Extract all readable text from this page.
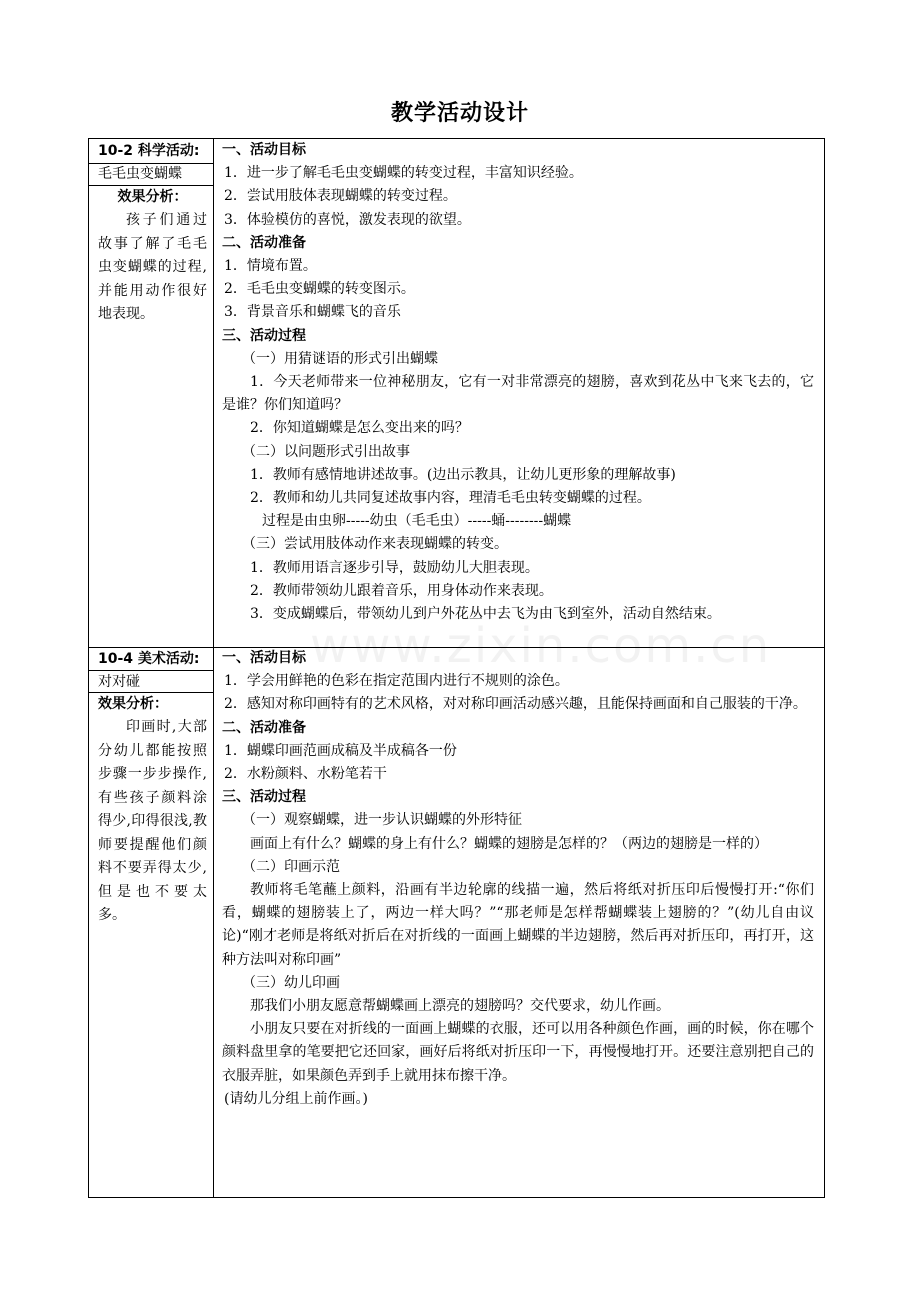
教学活动设计
10-2 科学活动:
毛毛虫变蝴蝶
效果分析：
孩子们通过故事了解了毛毛虫变蝴蝶的过程,并能用动作很好地表现。

一、活动目标

1．进一步了解毛毛虫变蝴蝶的转变过程，丰富知识经验。

2．尝试用肢体表现蝴蝶的转变过程。

3．体验模仿的喜悦，激发表现的欲望。

二、活动准备

1．情境布置。

2．毛毛虫变蝴蝶的转变图示。

3．背景音乐和蝴蝶飞的音乐

三、活动过程

（一）用猜谜语的形式引出蝴蝶

1．今天老师带来一位神秘朋友，它有一对非常漂亮的翅膀，喜欢到花丛中飞来飞去的，它是谁？你们知道吗？

2．你知道蝴蝶是怎么变出来的吗？

（二）以问题形式引出故事

1．教师有感情地讲述故事。(边出示教具，让幼儿更形象的理解故事)

2．教师和幼儿共同复述故事内容，理清毛毛虫转变蝴蝶的过程。

过程是由虫卵-----幼虫（毛毛虫）-----蛹--------蝴蝶

（三）尝试用肢体动作来表现蝴蝶的转变。

1．教师用语言逐步引导，鼓励幼儿大胆表现。

2．教师带领幼儿跟着音乐，用身体动作来表现。

3．变成蝴蝶后，带领幼儿到户外花丛中去飞为由飞到室外，活动自然结束。

10-4 美术活动:
对对碰
效果分析：
印画时,大部分幼儿都能按照步骤一步步操作,有些孩子颜料涂得少,印得很浅,教师要提醒他们颜料不要弄得太少,但是也不要太多。

一、活动目标

1．学会用鲜艳的色彩在指定范围内进行不规则的涂色。

2．感知对称印画特有的艺术风格，对对称印画活动感兴趣，且能保持画面和自己服装的干净。

二、活动准备

1．蝴蝶印画范画成稿及半成稿各一份

2．水粉颜料、水粉笔若干

三、活动过程

（一）观察蝴蝶，进一步认识蝴蝶的外形特征

画面上有什么？蝴蝶的身上有什么？蝴蝶的翅膀是怎样的？（两边的翅膀是一样的）

（二）印画示范

教师将毛笔蘸上颜料，沿画有半边轮廓的线描一遍，然后将纸对折压印后慢慢打开:“你们看，蝴蝶的翅膀装上了，两边一样大吗？”“那老师是怎样帮蝴蝶装上翅膀的？”(幼儿自由议论)“刚才老师是将纸对折后在对折线的一面画上蝴蝶的半边翅膀，然后再对折压印，再打开，这种方法叫对称印画”

（三）幼儿印画

那我们小朋友愿意帮蝴蝶画上漂亮的翅膀吗？交代要求，幼儿作画。

小朋友只要在对折线的一面画上蝴蝶的衣服，还可以用各种颜色作画，画的时候，你在哪个颜料盘里拿的笔要把它还回家，画好后将纸对折压印一下，再慢慢地打开。还要注意别把自己的衣服弄脏，如果颜色弄到手上就用抹布擦干净。

(请幼儿分组上前作画。)

www.zixin.com.cn
